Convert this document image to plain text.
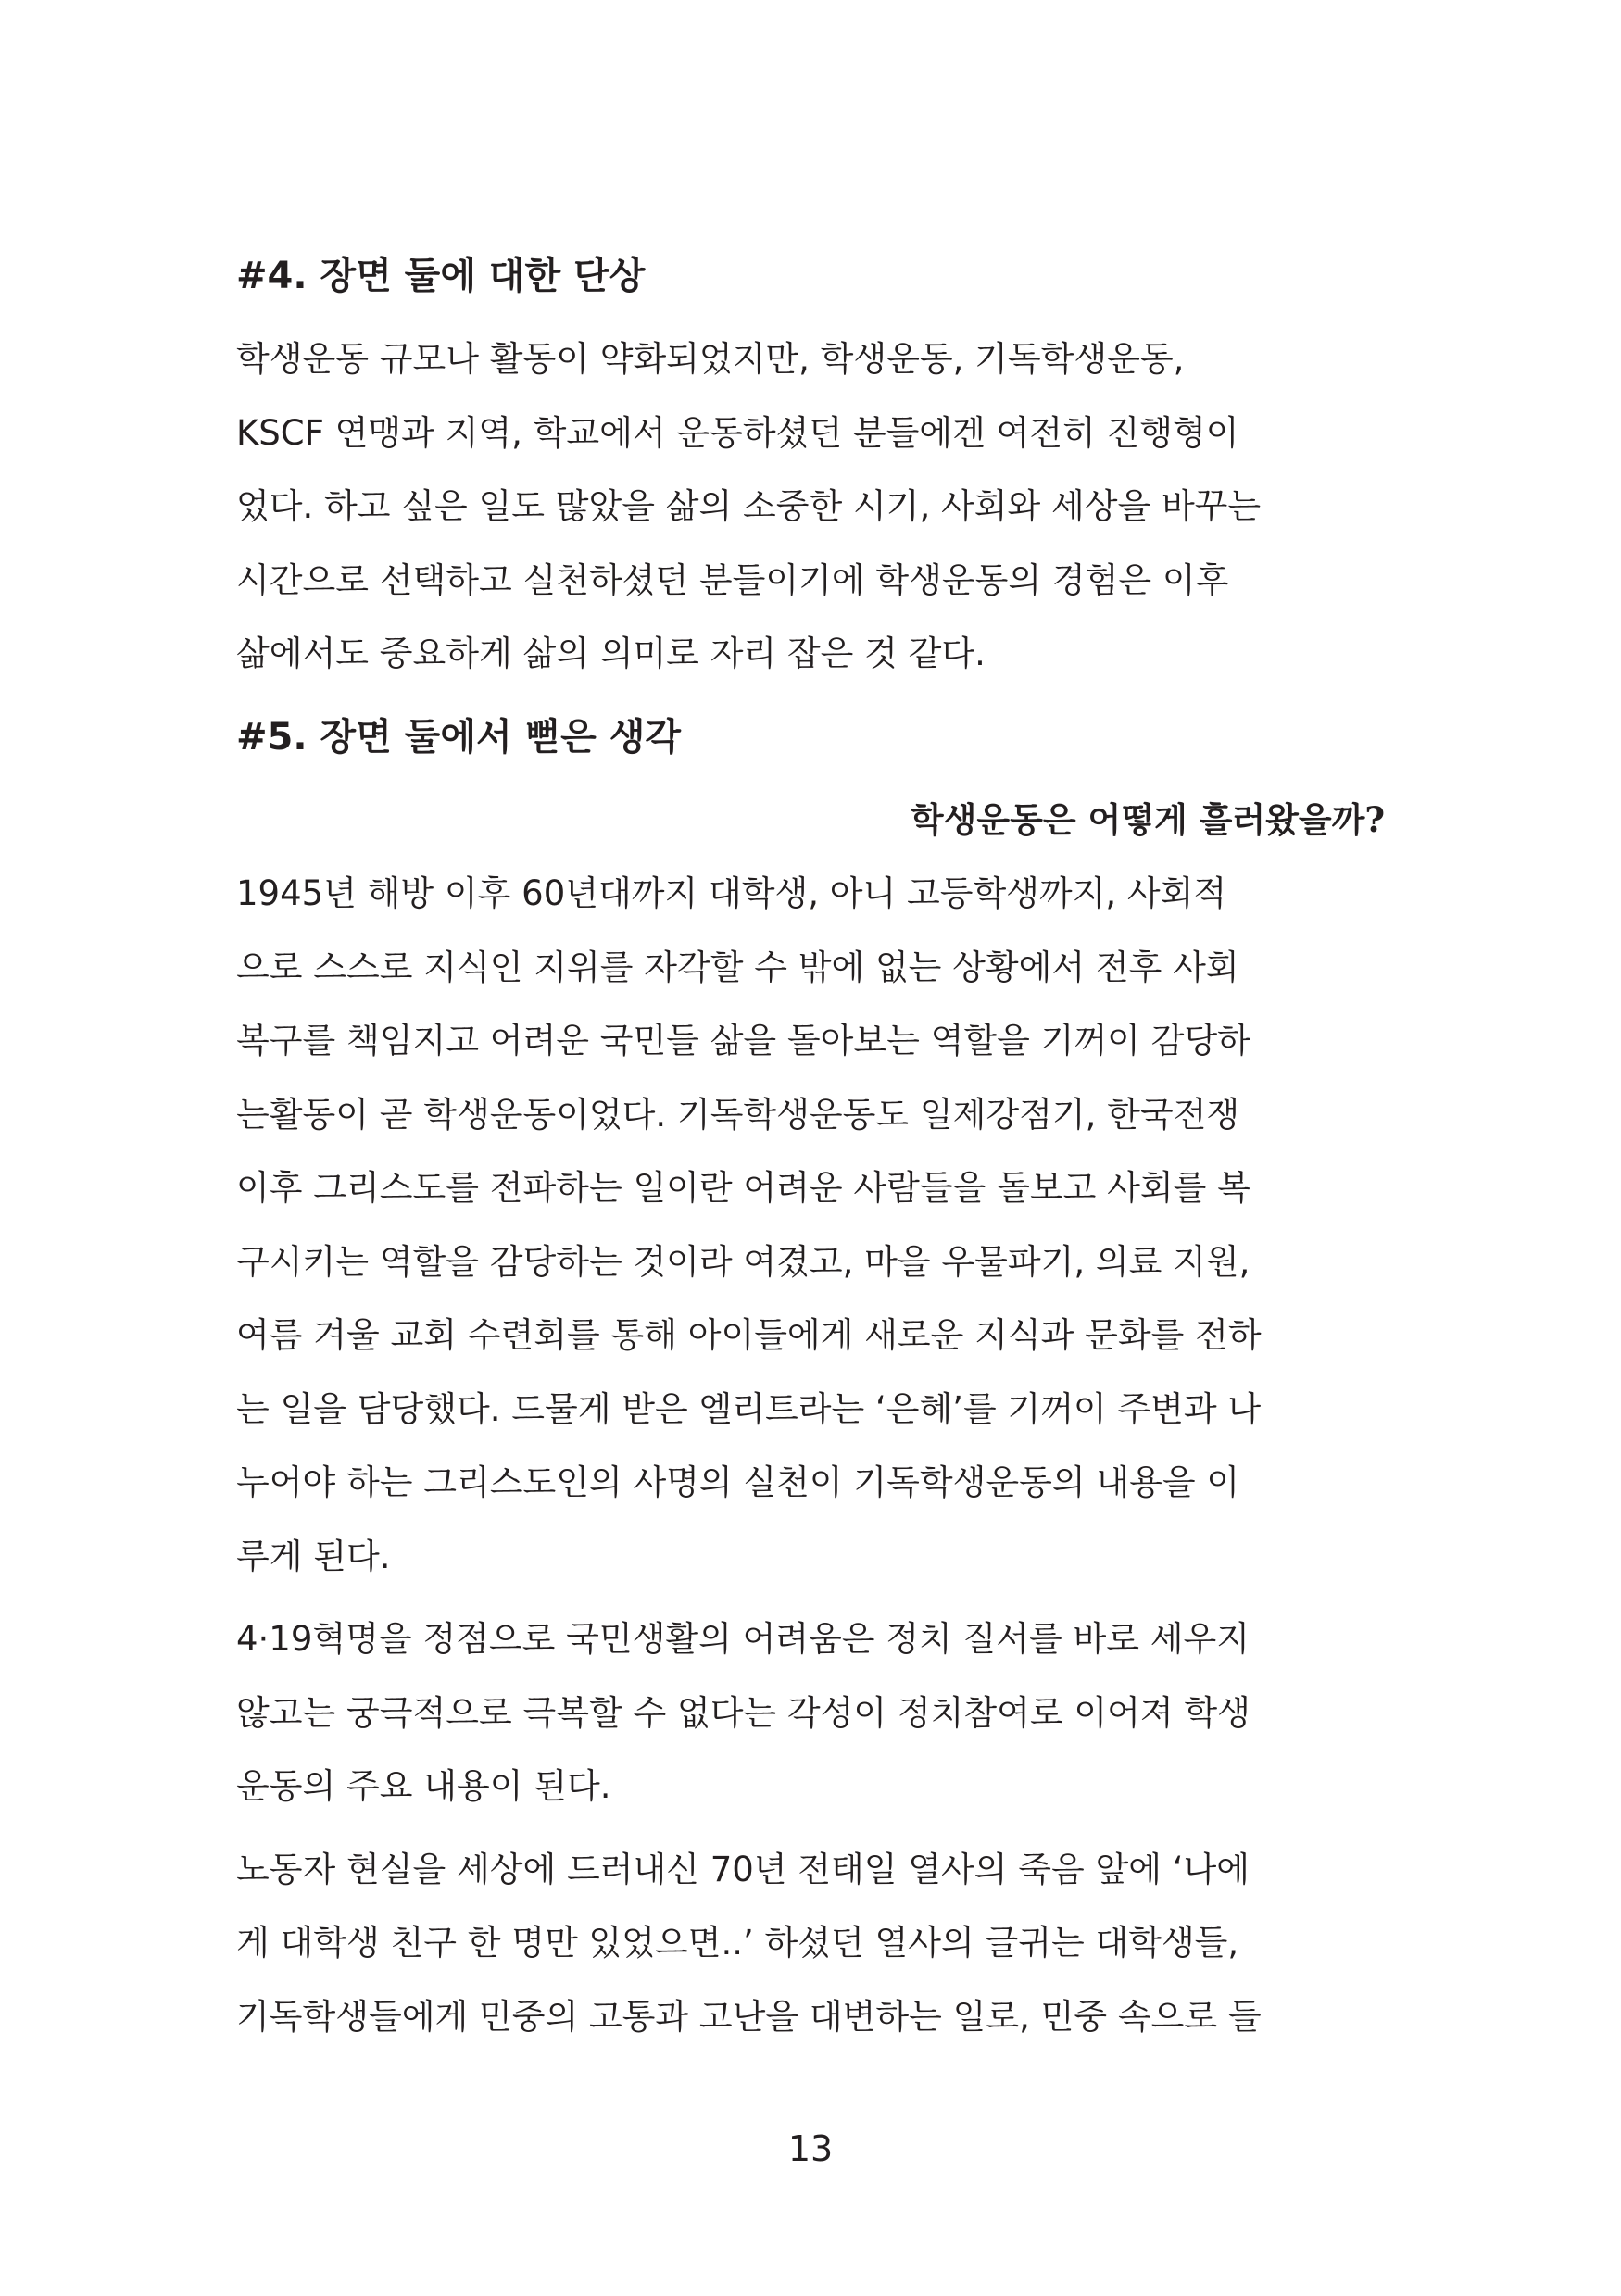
#4. 장면 둘에 대한 단상
학생운동 규모나 활동이 약화되었지만, 학생운동, 기독학생운동,
KSCF 연맹과 지역, 학교에서 운동하셨던 분들에겐 여전히 진행형이
었다. 하고 싶은 일도 많았을 삶의 소중한 시기, 사회와 세상을 바꾸는
시간으로 선택하고 실천하셨던 분들이기에 학생운동의 경험은 이후
삶에서도 중요하게 삶의 의미로 자리 잡은 것 같다.
#5. 장면 둘에서 뻗은 생각
학생운동은 어떻게 흘러왔을까?
1945년 해방 이후 60년대까지 대학생, 아니 고등학생까지, 사회적
으로 스스로 지식인 지위를 자각할 수 밖에 없는 상황에서 전후 사회
복구를 책임지고 어려운 국민들 삶을 돌아보는 역할을 기꺼이 감당하
는활동이 곧 학생운동이었다. 기독학생운동도 일제강점기, 한국전쟁
이후 그리스도를 전파하는 일이란 어려운 사람들을 돌보고 사회를 복
구시키는 역할을 감당하는 것이라 여겼고, 마을 우물파기, 의료 지원,
여름 겨울 교회 수련회를 통해 아이들에게 새로운 지식과 문화를 전하
는 일을 담당했다. 드물게 받은 엘리트라는 ‘은혜’를 기꺼이 주변과 나
누어야 하는 그리스도인의 사명의 실천이 기독학생운동의 내용을 이
루게 된다.
4·19혁명을 정점으로 국민생활의 어려움은 정치 질서를 바로 세우지
않고는 궁극적으로 극복할 수 없다는 각성이 정치참여로 이어져 학생
운동의 주요 내용이 된다.
노동자 현실을 세상에 드러내신 70년 전태일 열사의 죽음 앞에 ‘나에
게 대학생 친구 한 명만 있었으면..’ 하셨던 열사의 글귀는 대학생들,
기독학생들에게 민중의 고통과 고난을 대변하는 일로, 민중 속으로 들
13
